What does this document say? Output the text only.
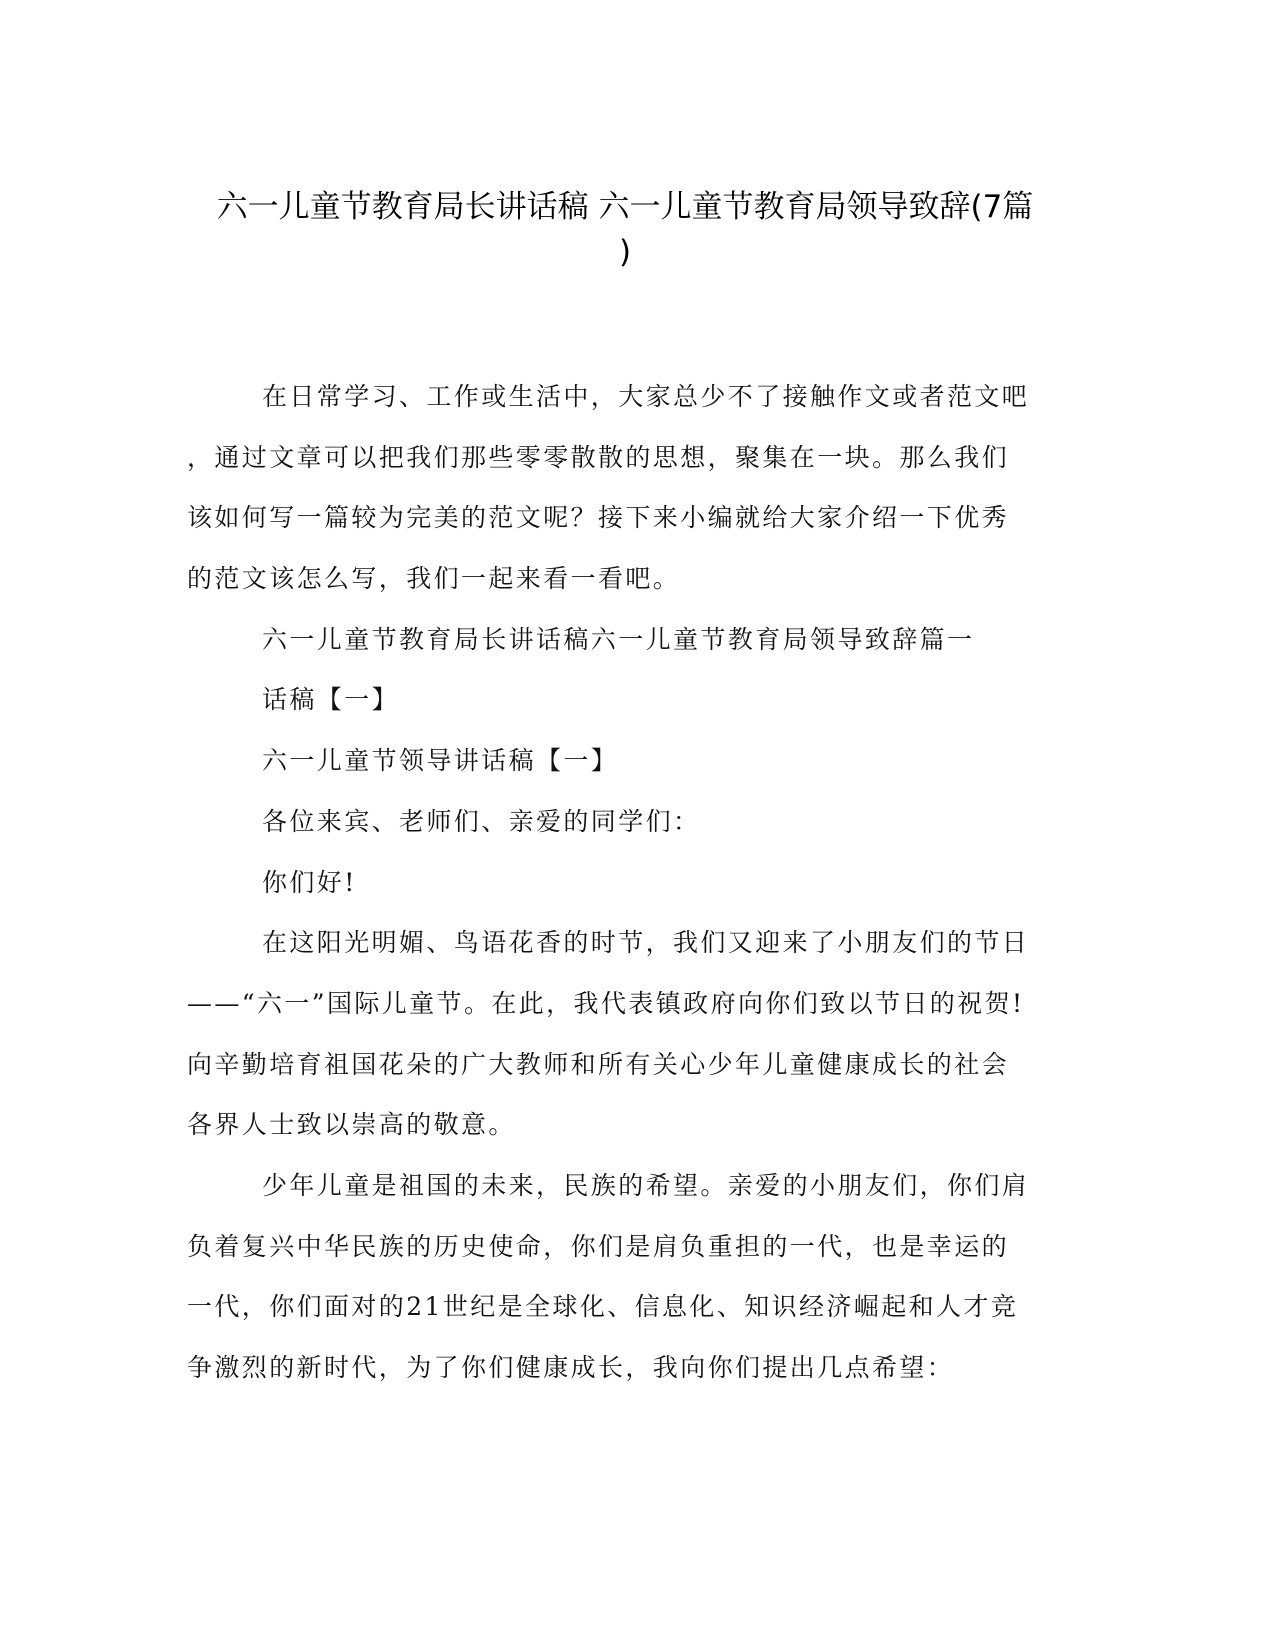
六一儿童节教育局长讲话稿 六一儿童节教育局领导致辞(7篇
)
在日常学习、工作或生活中，大家总少不了接触作文或者范文吧
，通过文章可以把我们那些零零散散的思想，聚集在一块。那么我们
该如何写一篇较为完美的范文呢？接下来小编就给大家介绍一下优秀
的范文该怎么写，我们一起来看一看吧。
六一儿童节教育局长讲话稿六一儿童节教育局领导致辞篇一
话稿【一】
六一儿童节领导讲话稿【一】
各位来宾、老师们、亲爱的同学们：
你们好!
在这阳光明媚、鸟语花香的时节，我们又迎来了小朋友们的节日
——“六一”国际儿童节。在此，我代表镇政府向你们致以节日的祝贺!
向辛勤培育祖国花朵的广大教师和所有关心少年儿童健康成长的社会
各界人士致以崇高的敬意。
少年儿童是祖国的未来，民族的希望。亲爱的小朋友们，你们肩
负着复兴中华民族的历史使命，你们是肩负重担的一代，也是幸运的
一代，你们面对的21世纪是全球化、信息化、知识经济崛起和人才竞
争激烈的新时代，为了你们健康成长，我向你们提出几点希望：
